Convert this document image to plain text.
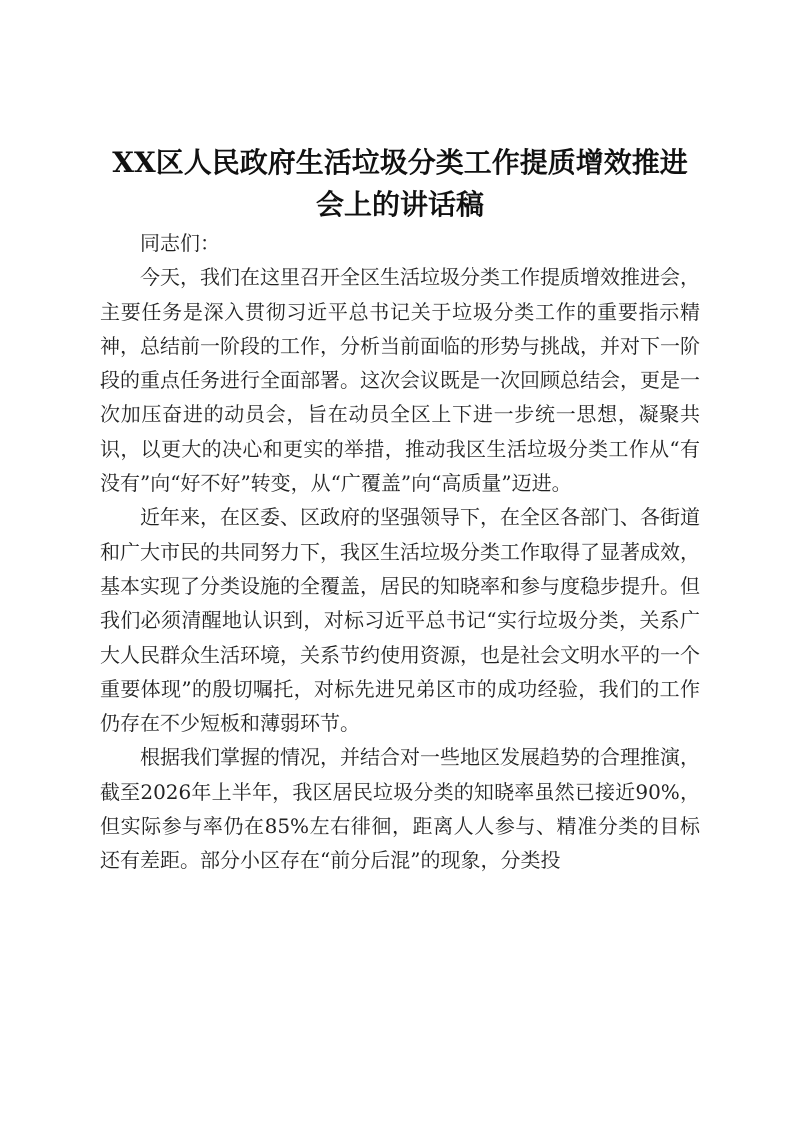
XX区人民政府生活垃圾分类工作提质增效推进会上的讲话稿

同志们：

今天，我们在这里召开全区生活垃圾分类工作提质增效推进会，主要任务是深入贯彻习近平总书记关于垃圾分类工作的重要指示精神，总结前一阶段的工作，分析当前面临的形势与挑战，并对下一阶段的重点任务进行全面部署。这次会议既是一次回顾总结会，更是一次加压奋进的动员会，旨在动员全区上下进一步统一思想，凝聚共识，以更大的决心和更实的举措，推动我区生活垃圾分类工作从“有没有”向“好不好”转变，从“广覆盖”向“高质量”迈进。

近年来，在区委、区政府的坚强领导下，在全区各部门、各街道和广大市民的共同努力下，我区生活垃圾分类工作取得了显著成效，基本实现了分类设施的全覆盖，居民的知晓率和参与度稳步提升。但我们必须清醒地认识到，对标习近平总书记“实行垃圾分类，关系广大人民群众生活环境，关系节约使用资源，也是社会文明水平的一个重要体现”的殷切嘱托，对标先进兄弟区市的成功经验，我们的工作仍存在不少短板和薄弱环节。

根据我们掌握的情况，并结合对一些地区发展趋势的合理推演，截至2026年上半年，我区居民垃圾分类的知晓率虽然已接近90%，但实际参与率仍在85%左右徘徊，距离人人参与、精准分类的目标还有差距。部分小区存在“前分后混”的现象，分类投
